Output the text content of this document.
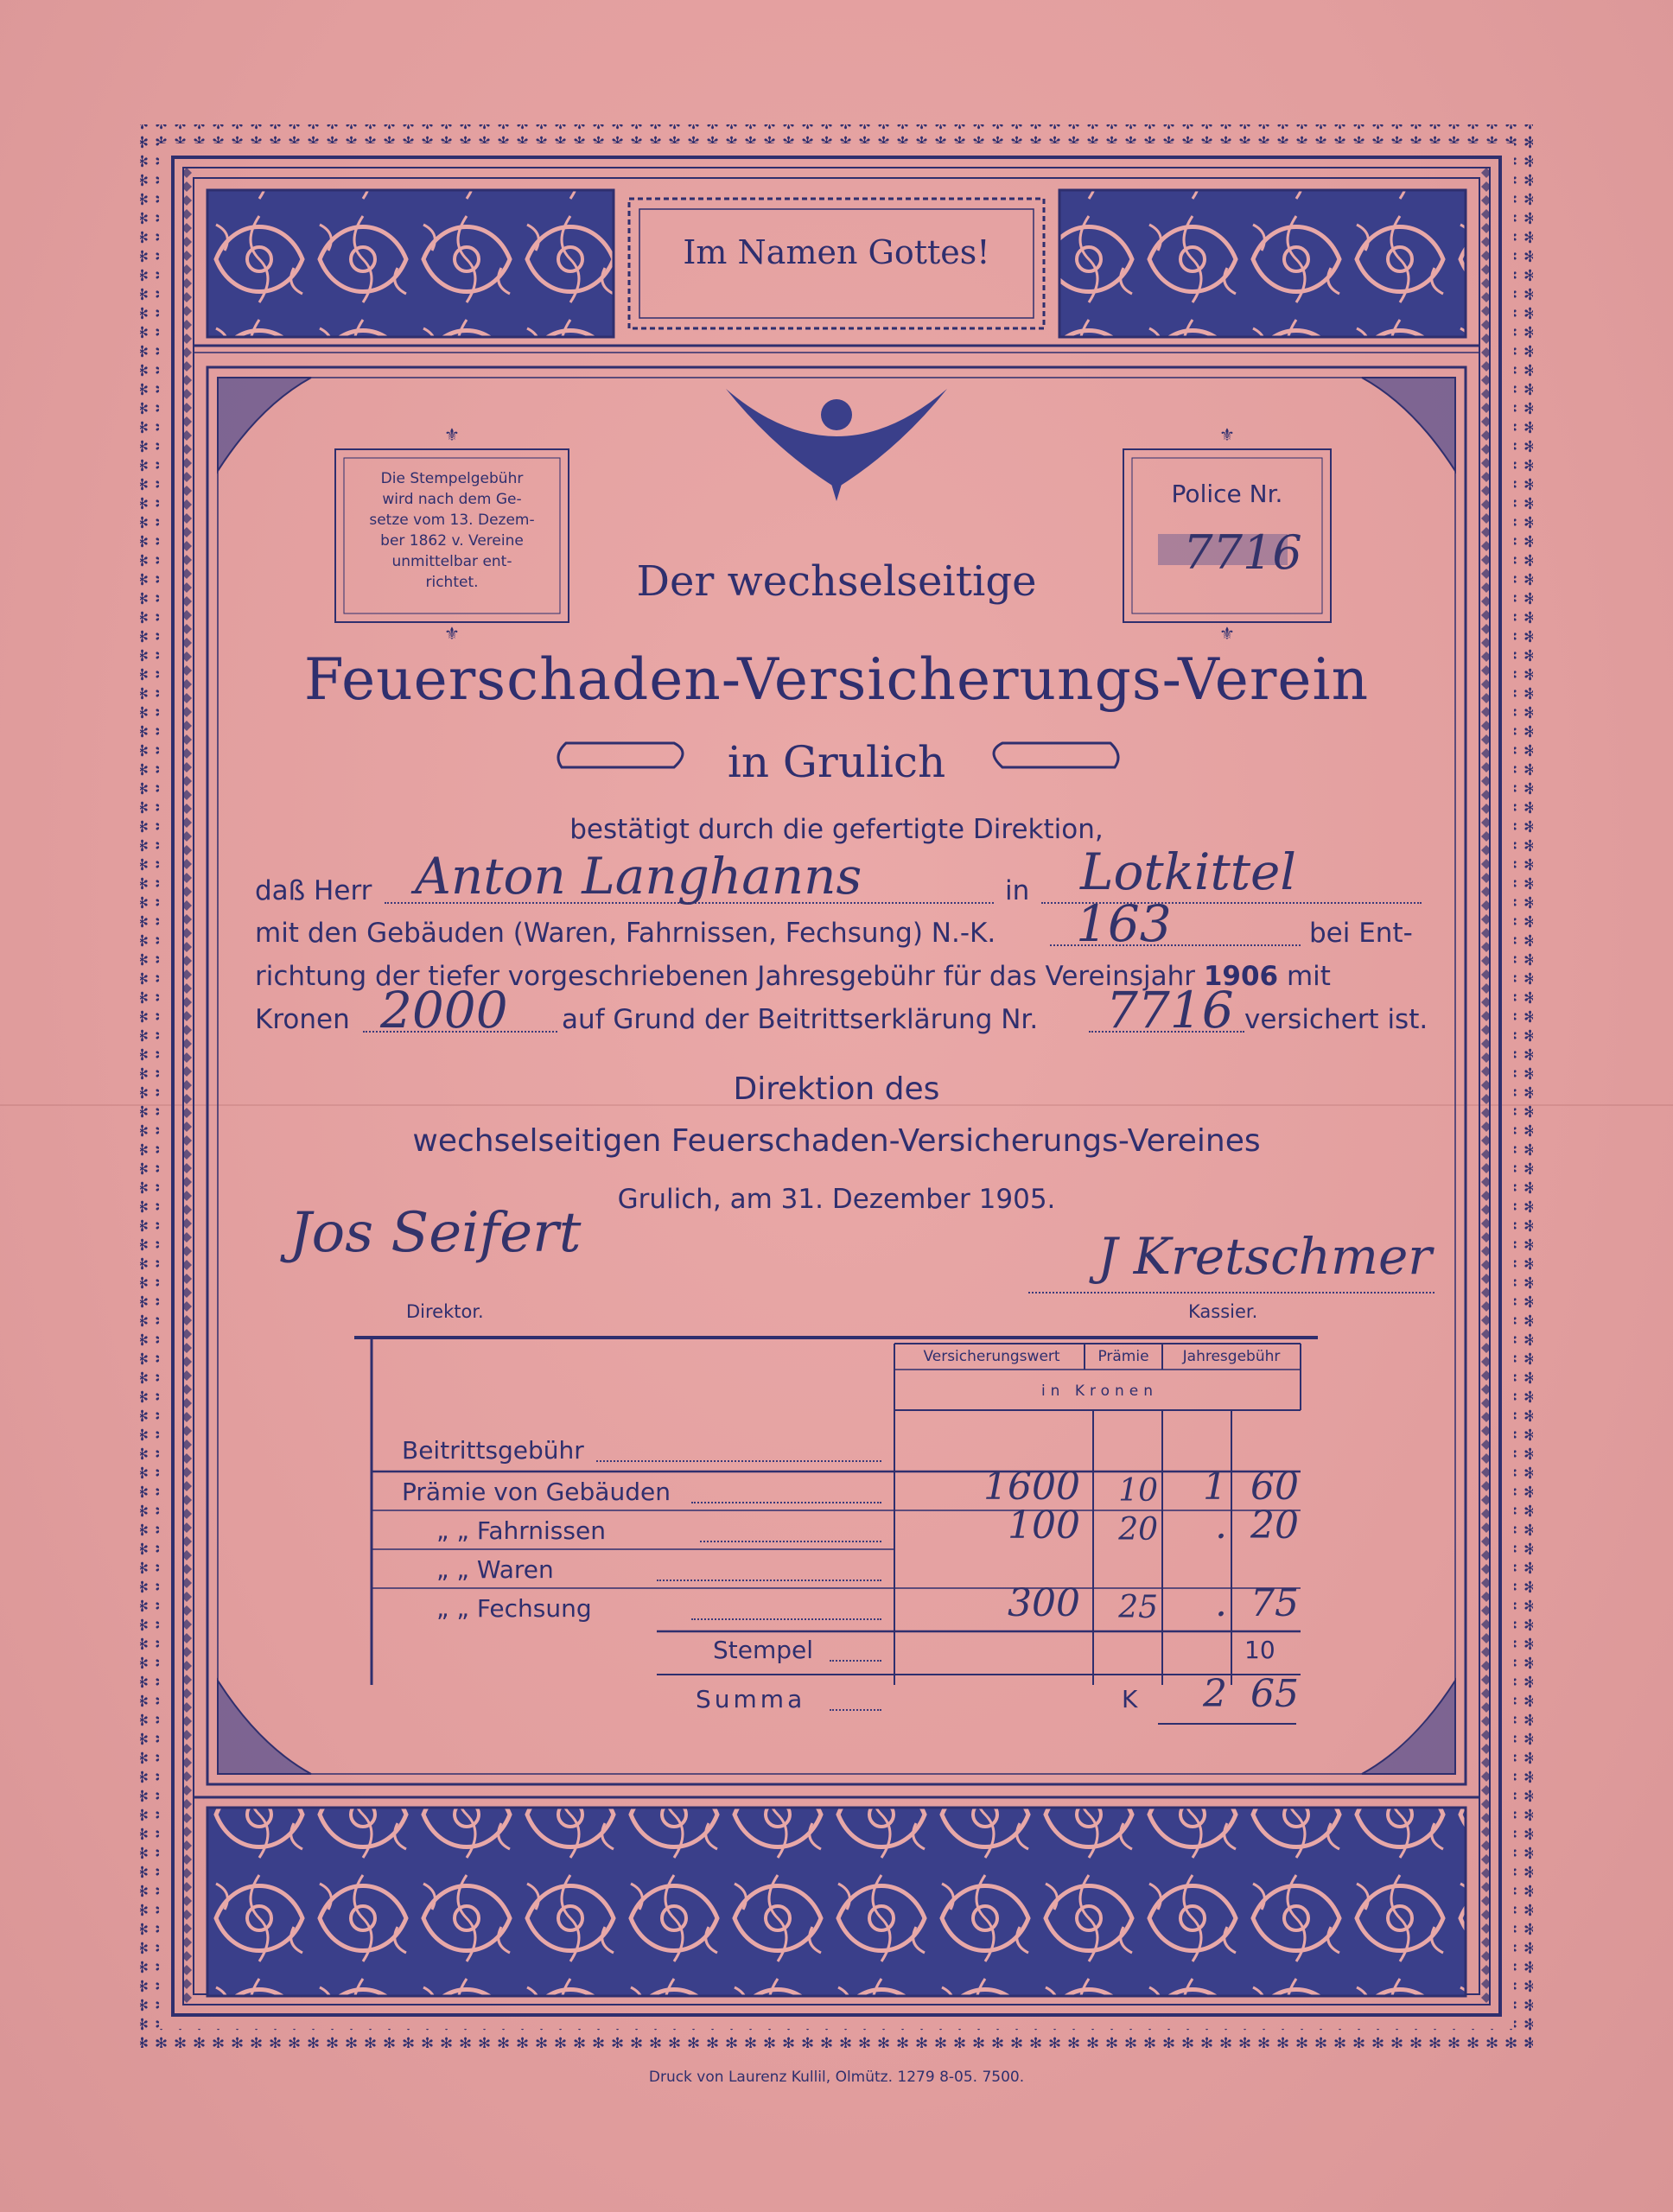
⚜
⚜
⚜
⚜
Im Namen Gottes!
Die Stempelgebühr
wird nach dem Ge-
setze vom 13. Dezem-
ber 1862 v. Vereine
unmittelbar ent-
richtet.
Police Nr.
7716
Der wechselseitige
Feuerschaden-Versicherungs-Verein
in Grulich
bestätigt durch die gefertigte Direktion,
daß Herr Anton Langhanns	in Lotkittel
mit den Gebäuden (Waren, Fahrnissen, Fechsung) N.-K. 163	bei Ent-
richtung der tiefer vorgeschriebenen Jahresgebühr für das Vereinsjahr 1906 mit
Kronen 2000 auf Grund der Beitrittserklärung Nr. 7716 versichert ist.
Direktion des
wechselseitigen Feuerschaden-Versicherungs-Vereines
Grulich, am 31. Dezember 1905.
Jos Seifert
Direktor.
J Kretschmer
Kassier.
Versicherungswert	Prämie	Jahresgebühr
in Kronen
Beitrittsgebühr
Prämie von Gebäuden	1600	10	1 60
„ „ Fahrnissen	100	20	. 20
„ „ Waren
„ „ Fechsung	300	25	. 75
Stempel	10
Summa	K	2 65
Druck von Laurenz Kullil, Olmütz. 1279 8-05. 7500.
